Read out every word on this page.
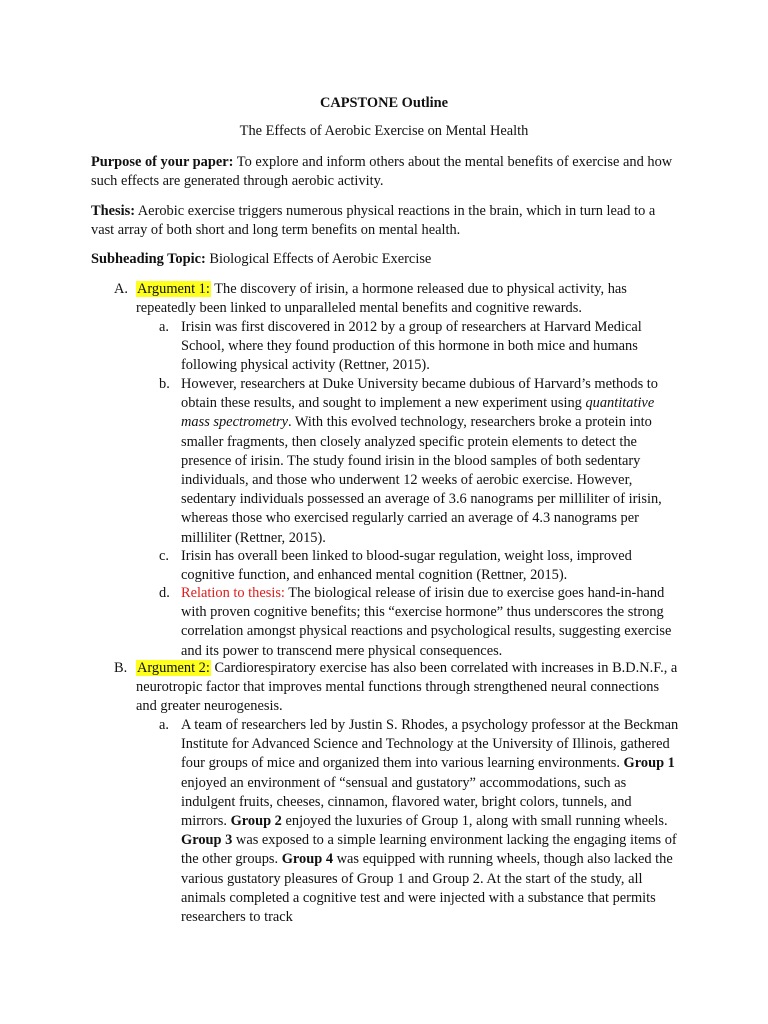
CAPSTONE Outline
The Effects of Aerobic Exercise on Mental Health
Purpose of your paper: To explore and inform others about the mental benefits of exercise and how such effects are generated through aerobic activity.
Thesis: Aerobic exercise triggers numerous physical reactions in the brain, which in turn lead to a vast array of both short and long term benefits on mental health.
Subheading Topic: Biological Effects of Aerobic Exercise
A. Argument 1: The discovery of irisin, a hormone released due to physical activity, has repeatedly been linked to unparalleled mental benefits and cognitive rewards.
a. Irisin was first discovered in 2012 by a group of researchers at Harvard Medical School, where they found production of this hormone in both mice and humans following physical activity (Rettner, 2015).
b. However, researchers at Duke University became dubious of Harvard’s methods to obtain these results, and sought to implement a new experiment using quantitative mass spectrometry. With this evolved technology, researchers broke a protein into smaller fragments, then closely analyzed specific protein elements to detect the presence of irisin. The study found irisin in the blood samples of both sedentary individuals, and those who underwent 12 weeks of aerobic exercise. However, sedentary individuals possessed an average of 3.6 nanograms per milliliter of irisin, whereas those who exercised regularly carried an average of 4.3 nanograms per milliliter (Rettner, 2015).
c. Irisin has overall been linked to blood-sugar regulation, weight loss, improved cognitive function, and enhanced mental cognition (Rettner, 2015).
d. Relation to thesis: The biological release of irisin due to exercise goes hand-in-hand with proven cognitive benefits; this “exercise hormone” thus underscores the strong correlation amongst physical reactions and psychological results, suggesting exercise and its power to transcend mere physical consequences.
B. Argument 2: Cardiorespiratory exercise has also been correlated with increases in B.D.N.F., a neurotropic factor that improves mental functions through strengthened neural connections and greater neurogenesis.
a. A team of researchers led by Justin S. Rhodes, a psychology professor at the Beckman Institute for Advanced Science and Technology at the University of Illinois, gathered four groups of mice and organized them into various learning environments. Group 1 enjoyed an environment of “sensual and gustatory” accommodations, such as indulgent fruits, cheeses, cinnamon, flavored water, bright colors, tunnels, and mirrors. Group 2 enjoyed the luxuries of Group 1, along with small running wheels. Group 3 was exposed to a simple learning environment lacking the engaging items of the other groups. Group 4 was equipped with running wheels, though also lacked the various gustatory pleasures of Group 1 and Group 2. At the start of the study, all animals completed a cognitive test and were injected with a substance that permits researchers to track
